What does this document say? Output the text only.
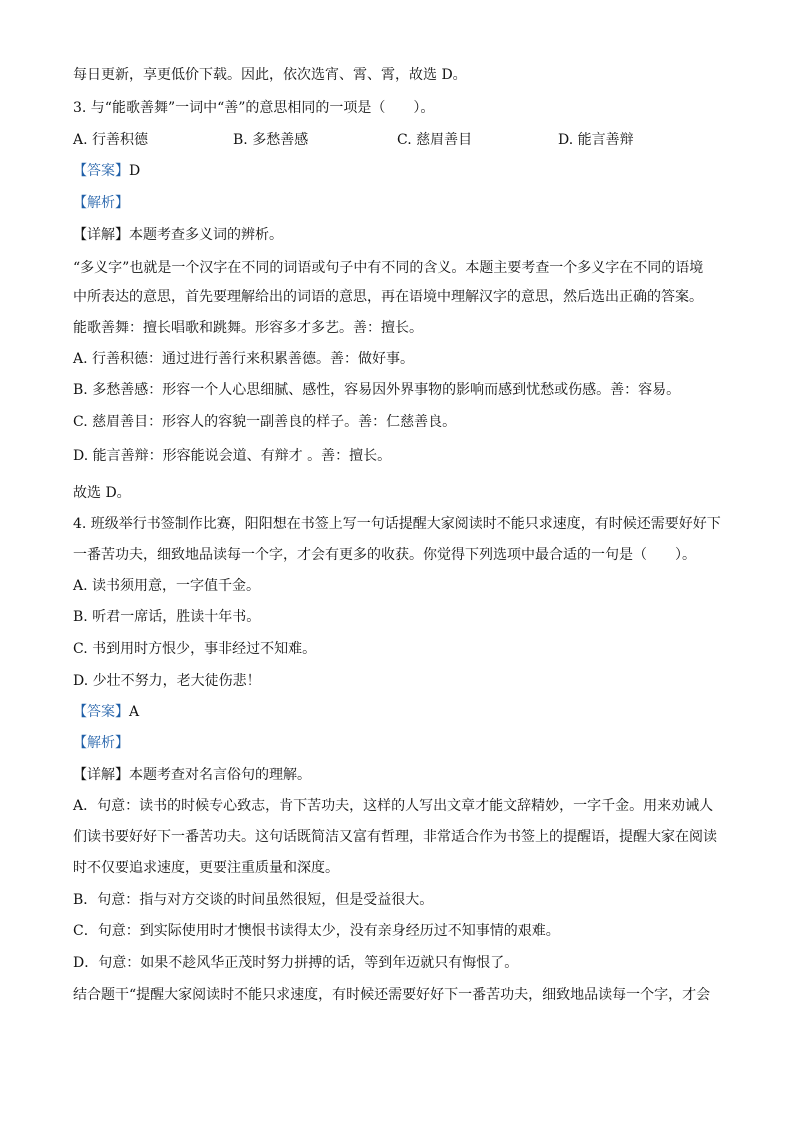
每日更新，享更低价下载。因此，依次选宵、霄、霄，故选 D。
3. 与“能歌善舞”一词中“善”的意思相同的一项是（　　）。
A. 行善积德	B. 多愁善感	C. 慈眉善目	D. 能言善辩
【答案】D
【解析】
【详解】本题考查多义词的辨析。
“多义字”也就是一个汉字在不同的词语或句子中有不同的含义。本题主要考查一个多义字在不同的语境
中所表达的意思，首先要理解给出的词语的意思，再在语境中理解汉字的意思，然后选出正确的答案。
能歌善舞：擅长唱歌和跳舞。形容多才多艺。善：擅长。
A. 行善积德：通过进行善行来积累善德。善：做好事。
B. 多愁善感：形容一个人心思细腻、感性，容易因外界事物的影响而感到忧愁或伤感。善：容易。
C. 慈眉善目：形容人的容貌一副善良的样子。善：仁慈善良。
D. 能言善辩：形容能说会道、有辩才 。善：擅长。
故选 D。
4. 班级举行书签制作比赛，阳阳想在书签上写一句话提醒大家阅读时不能只求速度，有时候还需要好好下
一番苦功夫，细致地品读每一个字，才会有更多的收获。你觉得下列选项中最合适的一句是（　　）。
A. 读书须用意，一字值千金。
B. 听君一席话，胜读十年书。
C. 书到用时方恨少，事非经过不知难。
D. 少壮不努力，老大徒伤悲！
【答案】A
【解析】
【详解】本题考查对名言俗句的理解。
A．句意：读书的时候专心致志，肯下苦功夫，这样的人写出文章才能文辞精妙，一字千金。用来劝诫人
们读书要好好下一番苦功夫。这句话既简洁又富有哲理，非常适合作为书签上的提醒语，提醒大家在阅读
时不仅要追求速度，更要注重质量和深度。
B．句意：指与对方交谈的时间虽然很短，但是受益很大。
C．句意：到实际使用时才懊恨书读得太少，没有亲身经历过不知事情的艰难。
D．句意：如果不趁风华正茂时努力拼搏的话，等到年迈就只有悔恨了。
结合题干“提醒大家阅读时不能只求速度，有时候还需要好好下一番苦功夫，细致地品读每一个字，才会
